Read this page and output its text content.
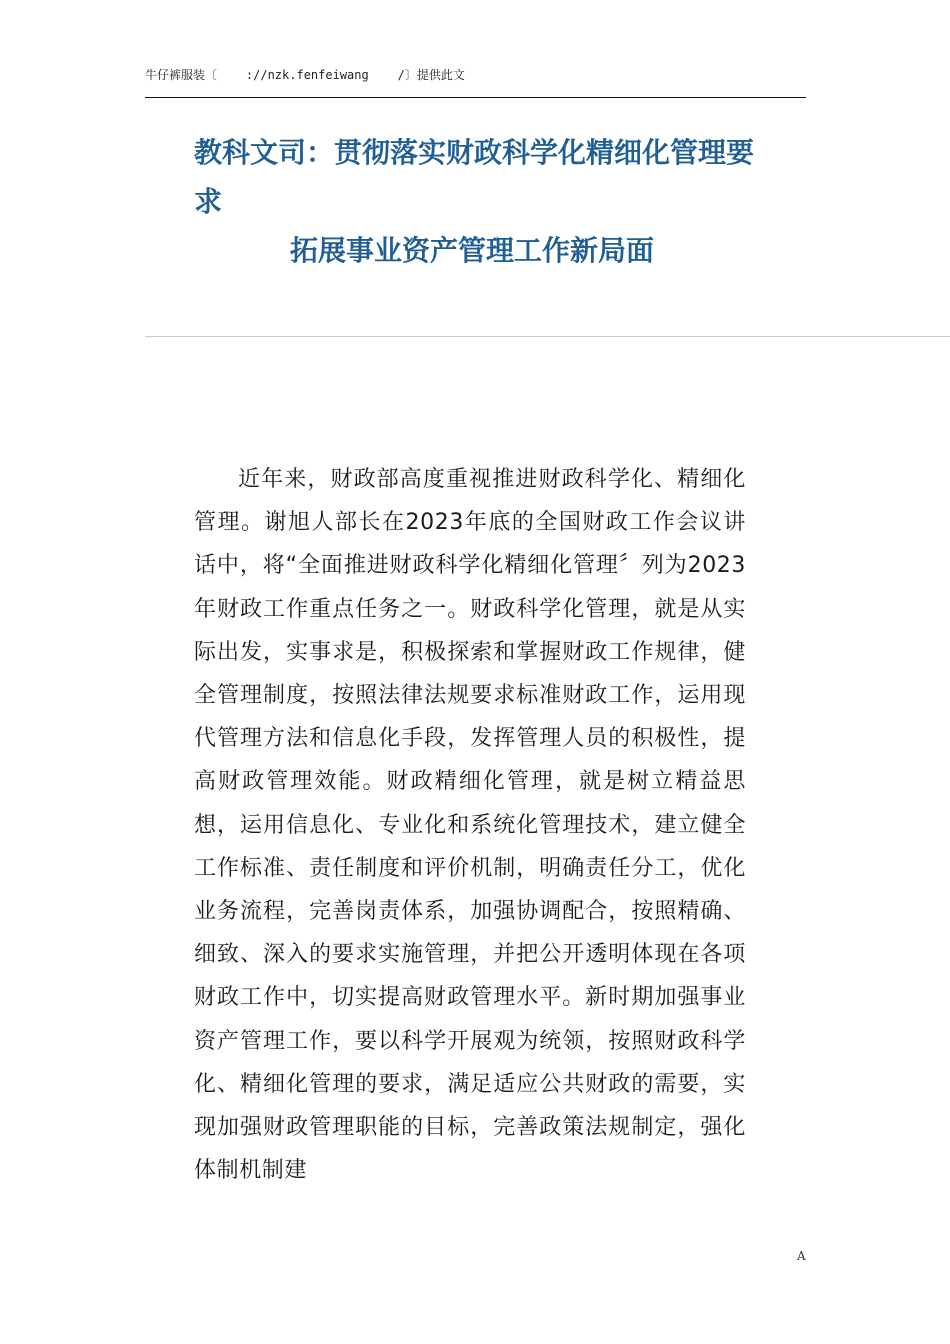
牛仔裤服装〔    ://nzk.fenfeiwang    /〕提供此文
教科文司：贯彻落实财政科学化精细化管理要求
拓展事业资产管理工作新局面

近年来，财政部高度重视推进财政科学化、精细化管理。谢旭人部长在2023年底的全国财政工作会议讲话中，将“全面推进财政科学化精细化管理〞列为2023年财政工作重点任务之一。财政科学化管理，就是从实际出发，实事求是，积极探索和掌握财政工作规律，健全管理制度，按照法律法规要求标准财政工作，运用现代管理方法和信息化手段，发挥管理人员的积极性，提高财政管理效能。财政精细化管理，就是树立精益思想，运用信息化、专业化和系统化管理技术，建立健全工作标准、责任制度和评价机制，明确责任分工，优化业务流程，完善岗责体系，加强协调配合，按照精确、细致、深入的要求实施管理，并把公开透明体现在各项财政工作中，切实提高财政管理水平。新时期加强事业资产管理工作，要以科学开展观为统领，按照财政科学化、精细化管理的要求，满足适应公共财政的需要，实现加强财政管理职能的目标，完善政策法规制定，强化体制机制建

A
